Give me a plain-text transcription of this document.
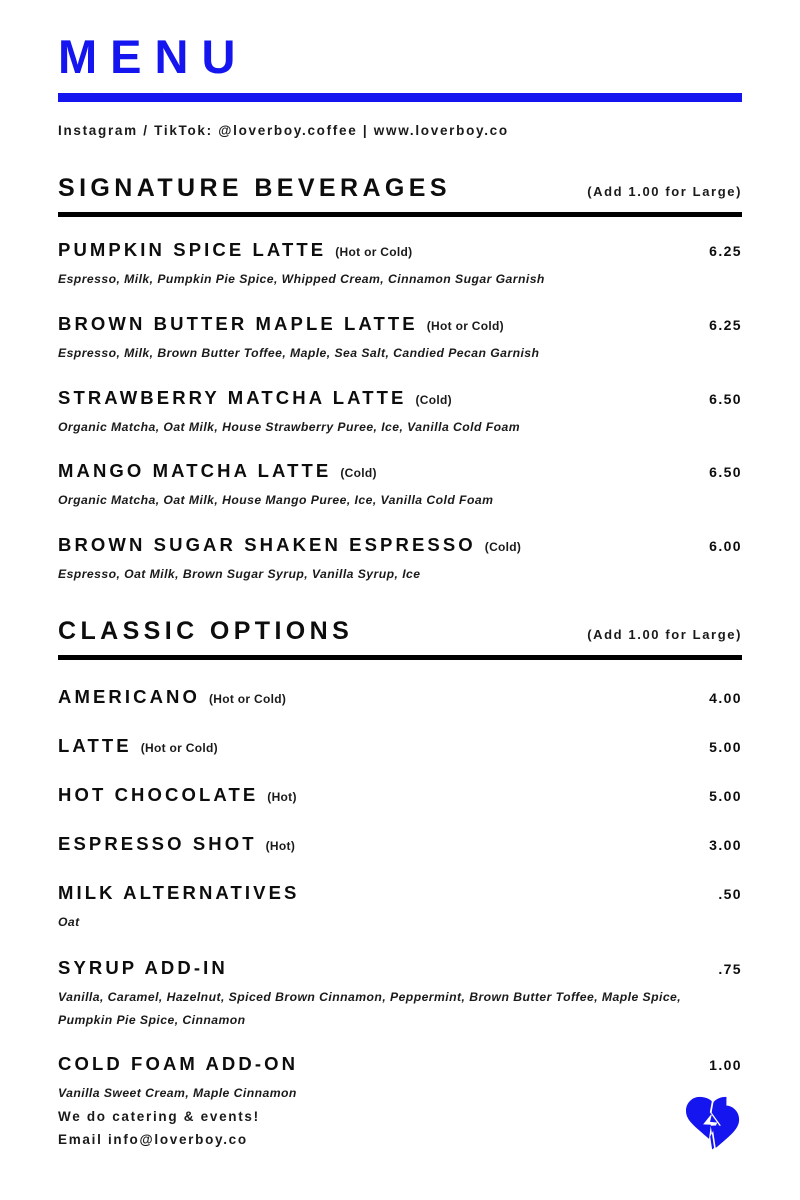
MENU
Instagram / TikTok: @loverboy.coffee | www.loverboy.co
SIGNATURE BEVERAGES	(Add 1.00 for Large)
PUMPKIN SPICE LATTE (Hot or Cold)	6.25
Espresso, Milk, Pumpkin Pie Spice, Whipped Cream, Cinnamon Sugar Garnish
BROWN BUTTER MAPLE LATTE (Hot or Cold)	6.25
Espresso, Milk, Brown Butter Toffee, Maple, Sea Salt, Candied Pecan Garnish
STRAWBERRY MATCHA LATTE (Cold)	6.50
Organic Matcha, Oat Milk, House Strawberry Puree, Ice, Vanilla Cold Foam
MANGO MATCHA LATTE (Cold)	6.50
Organic Matcha, Oat Milk, House Mango Puree, Ice, Vanilla Cold Foam
BROWN SUGAR SHAKEN ESPRESSO (Cold)	6.00
Espresso, Oat Milk, Brown Sugar Syrup, Vanilla Syrup, Ice
CLASSIC OPTIONS	(Add 1.00 for Large)
AMERICANO (Hot or Cold)	4.00
LATTE (Hot or Cold)	5.00
HOT CHOCOLATE (Hot)	5.00
ESPRESSO SHOT (Hot)	3.00
MILK ALTERNATIVES	.50
Oat
SYRUP ADD-IN	.75
Vanilla, Caramel, Hazelnut, Spiced Brown Cinnamon, Peppermint, Brown Butter Toffee, Maple Spice, Pumpkin Pie Spice, Cinnamon
COLD FOAM ADD-ON	1.00
Vanilla Sweet Cream, Maple Cinnamon
We do catering & events!
Email info@loverboy.co
